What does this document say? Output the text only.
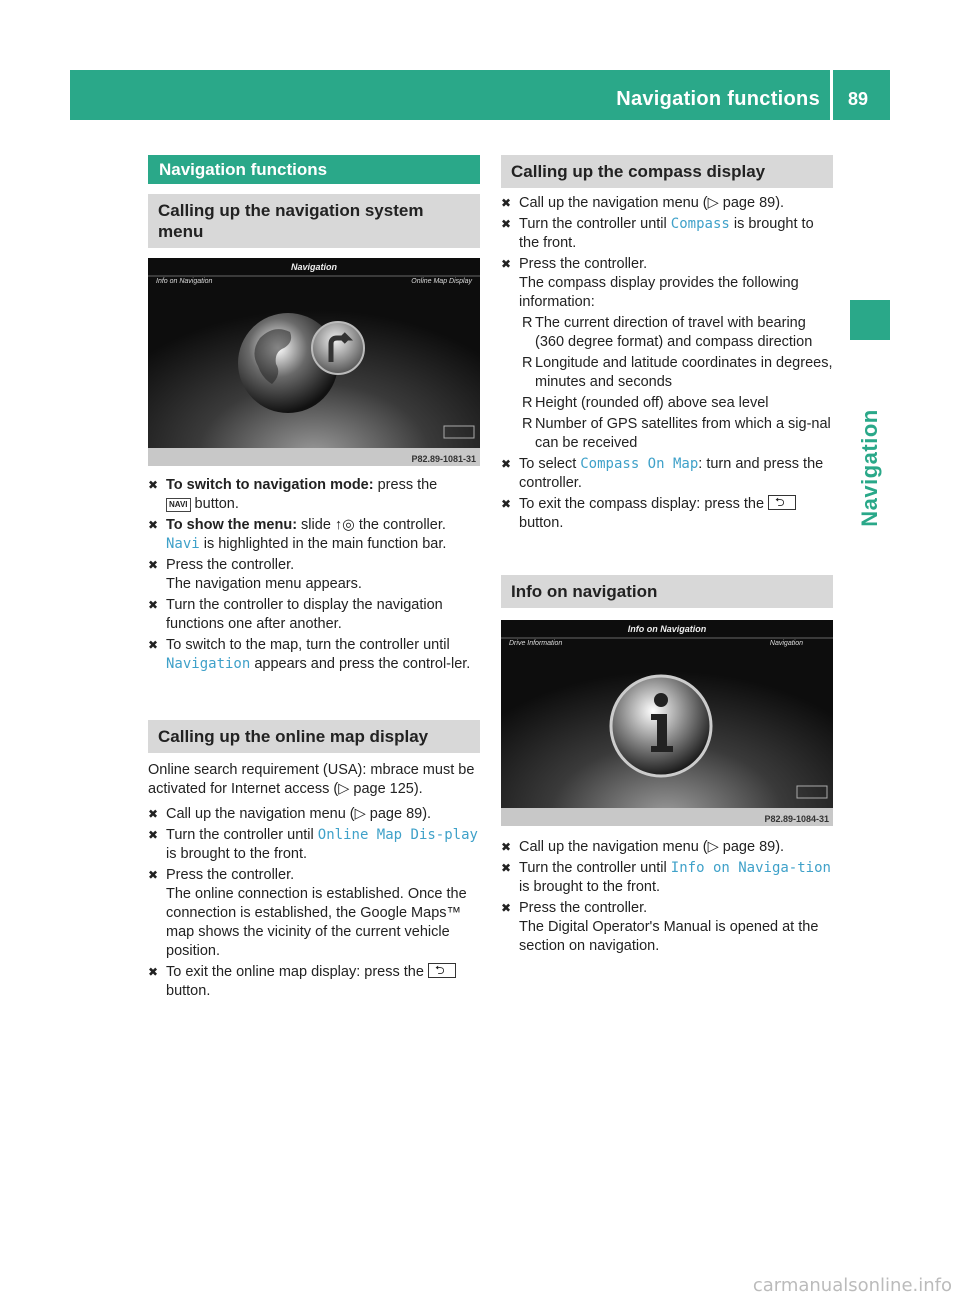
Navigation functions 89
Navigation
Navigation functions
Calling up the navigation system menu
Navigation
Info on Navigation	Online Map Display
P82.89-1081-31
✖ To switch to navigation mode: press the
NAVI button.
✖ To show the menu: slide ↑◎ the controller.
Navi is highlighted in the main function bar.
✖ Press the controller.
The navigation menu appears.
✖ Turn the controller to display the navigation functions one after another.
✖ To switch to the map, turn the controller until
Navigation appears and press the control-ler.
Calling up the online map display
Online search requirement (USA): mbrace must be activated for Internet access (▷ page 125).
✖ Call up the navigation menu (▷ page 89).
✖ Turn the controller until Online Map Dis-play is brought to the front.
✖ Press the controller.
The online connection is established. Once the connection is established, the Google Maps™ map shows the vicinity of the current vehicle position.
✖ To exit the online map display: press the ⮌
button.
Calling up the compass display
✖ Call up the navigation menu (▷ page 89).
✖ Turn the controller until Compass is brought to the front.
✖ Press the controller.
The compass display provides the following information:
R The current direction of travel with bearing (360 degree format) and compass direction
R Longitude and latitude coordinates in degrees, minutes and seconds
R Height (rounded off) above sea level
R Number of GPS satellites from which a sig-nal can be received
✖ To select Compass On Map: turn and press the controller.
✖ To exit the compass display: press the ⮌
button.
Info on navigation
Info on Navigation
Drive Information	Navigation
P82.89-1084-31
✖ Call up the navigation menu (▷ page 89).
✖ Turn the controller until Info on Naviga-tion is brought to the front.
✖ Press the controller.
The Digital Operator's Manual is opened at the section on navigation.
carmanualsonline.info
